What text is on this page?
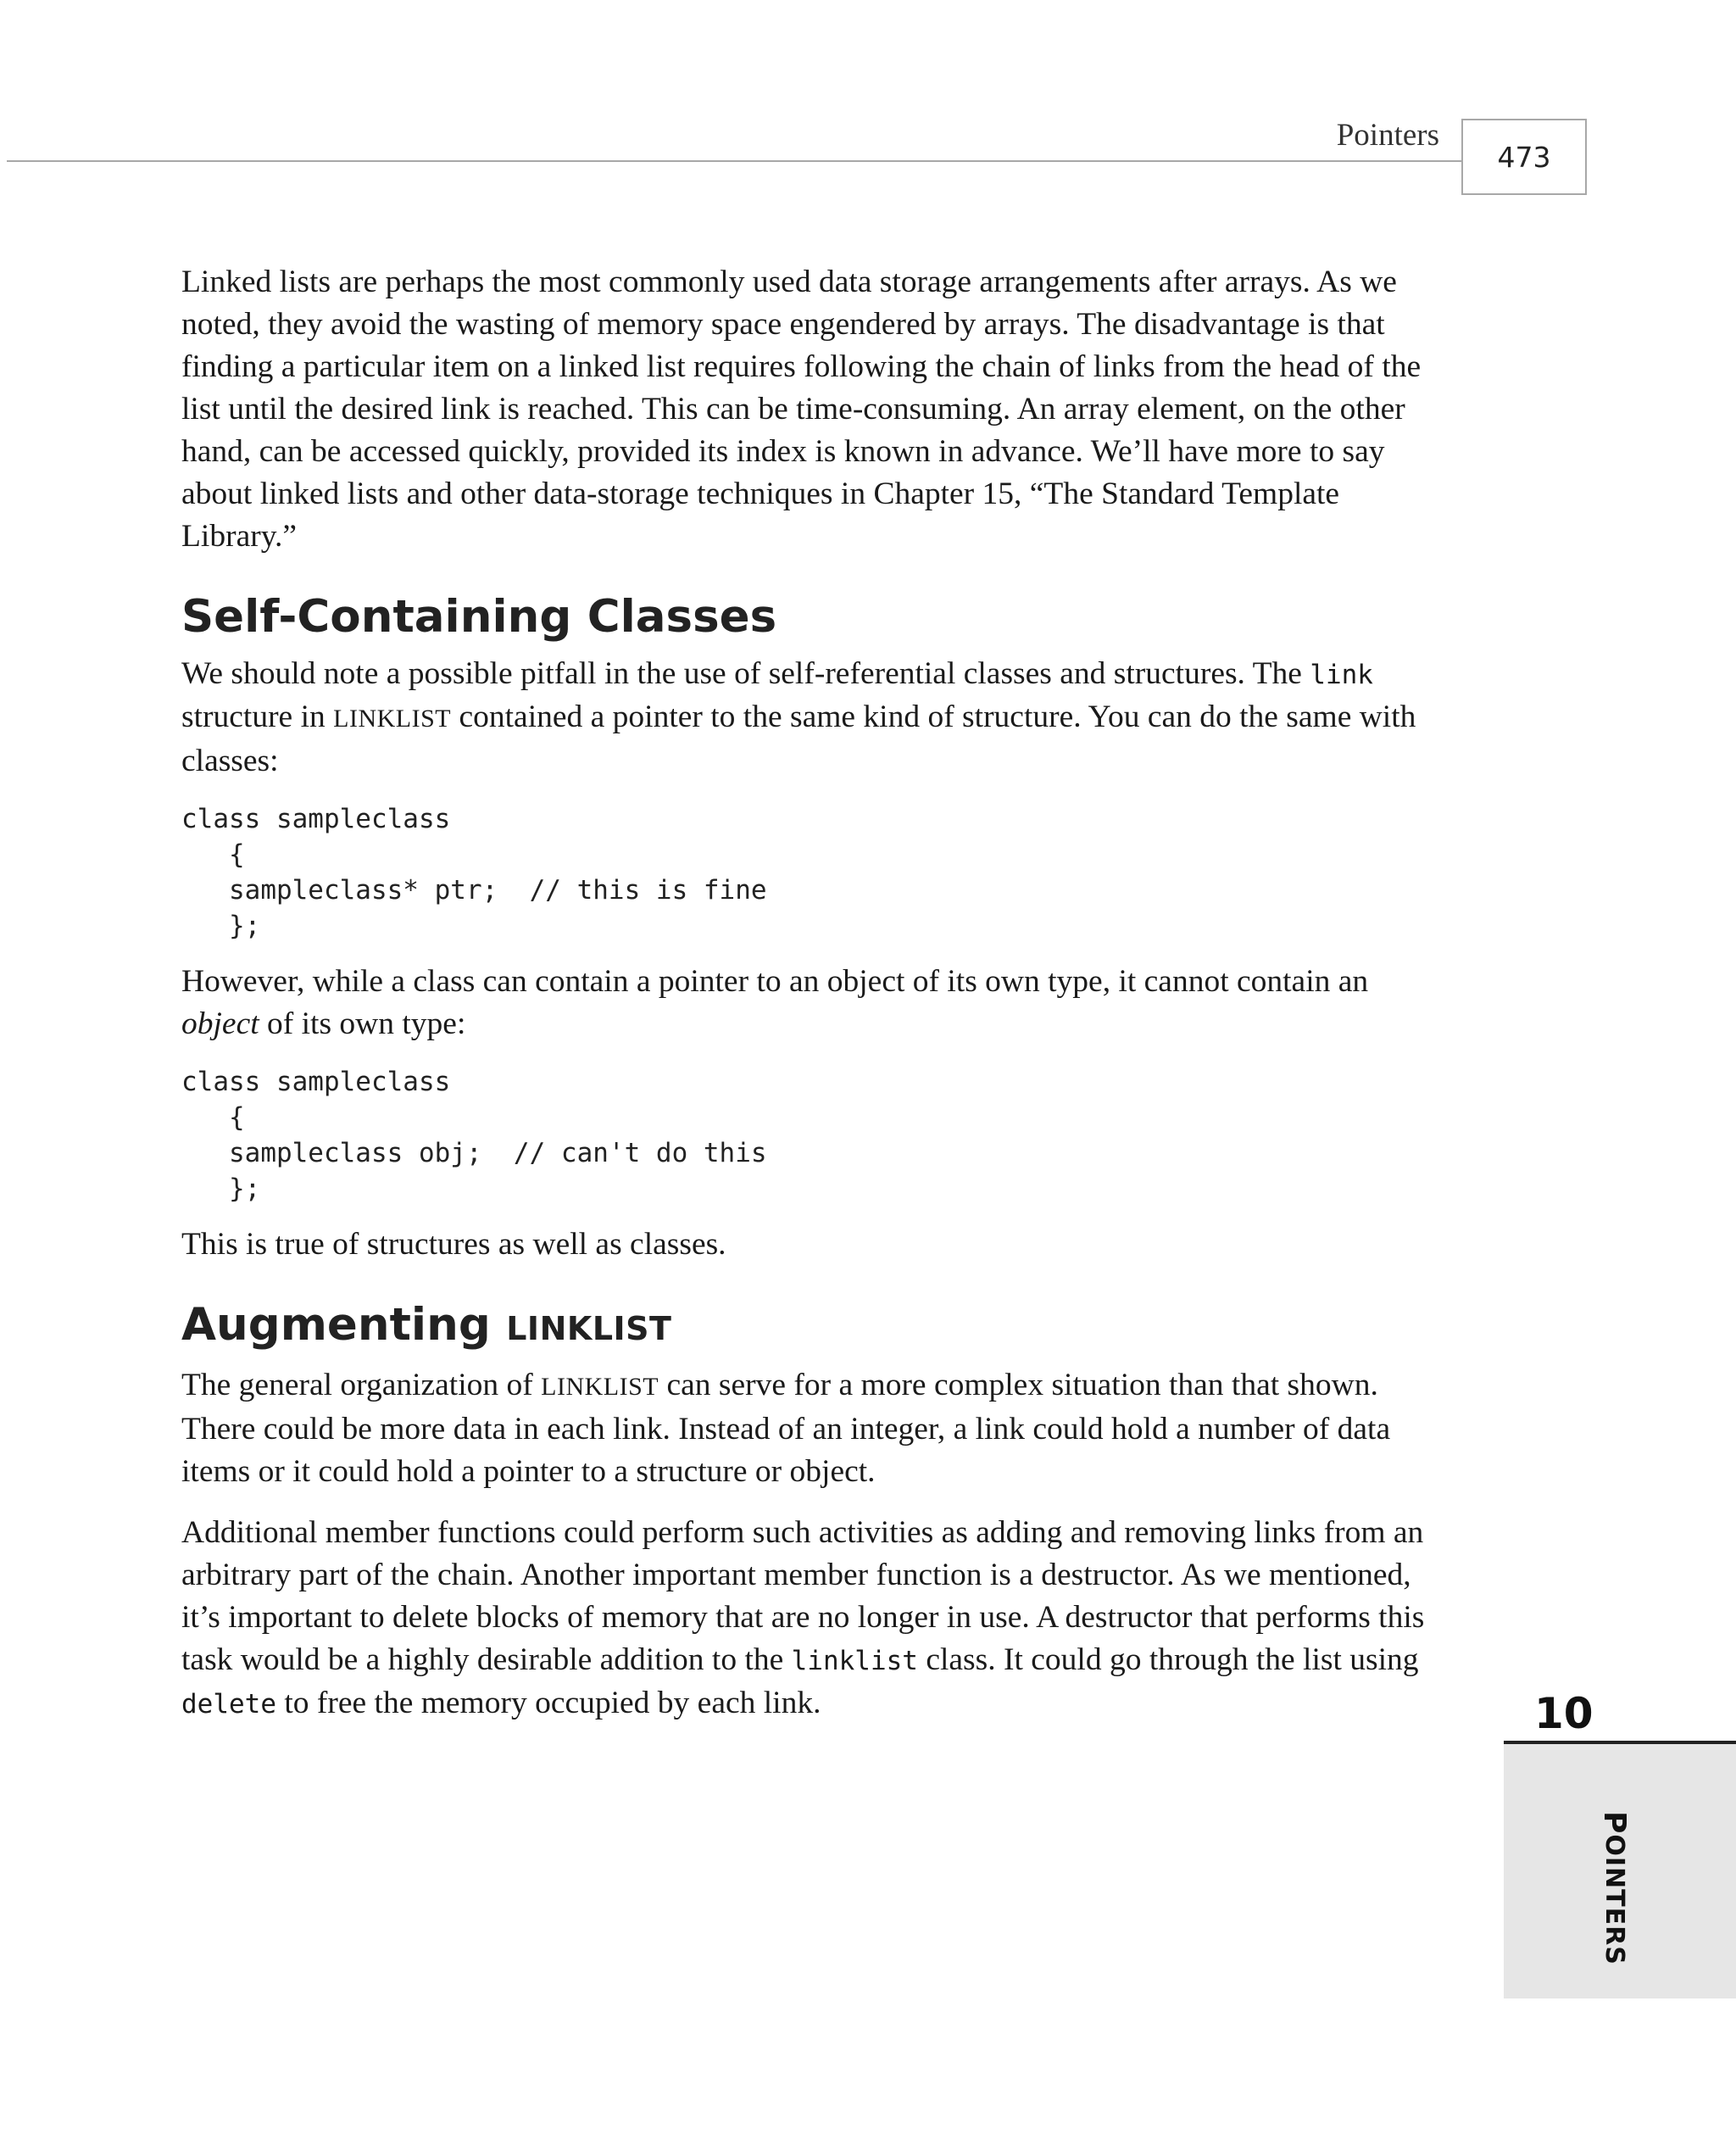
Pointers
473

Linked lists are perhaps the most commonly used data storage arrangements after arrays. As we noted, they avoid the wasting of memory space engendered by arrays. The disadvantage is that finding a particular item on a linked list requires following the chain of links from the head of the list until the desired link is reached. This can be time-consuming. An array element, on the other hand, can be accessed quickly, provided its index is known in advance. We’ll have more to say about linked lists and other data-storage techniques in Chapter 15, “The Standard Template Library.”

Self-Containing Classes

We should note a possible pitfall in the use of self-referential classes and structures. The link structure in LINKLIST contained a pointer to the same kind of structure. You can do the same with classes:

class sampleclass
{
sampleclass* ptr;  // this is fine
};

However, while a class can contain a pointer to an object of its own type, it cannot contain an object of its own type:

class sampleclass
{
sampleclass obj;  // can't do this
};

This is true of structures as well as classes.

Augmenting LINKLIST

The general organization of LINKLIST can serve for a more complex situation than that shown. There could be more data in each link. Instead of an integer, a link could hold a number of data items or it could hold a pointer to a structure or object.

Additional member functions could perform such activities as adding and removing links from an arbitrary part of the chain. Another important member function is a destructor. As we mentioned, it’s important to delete blocks of memory that are no longer in use. A destructor that performs this task would be a highly desirable addition to the linklist class. It could go through the list using delete to free the memory occupied by each link.	10
POINTERS
